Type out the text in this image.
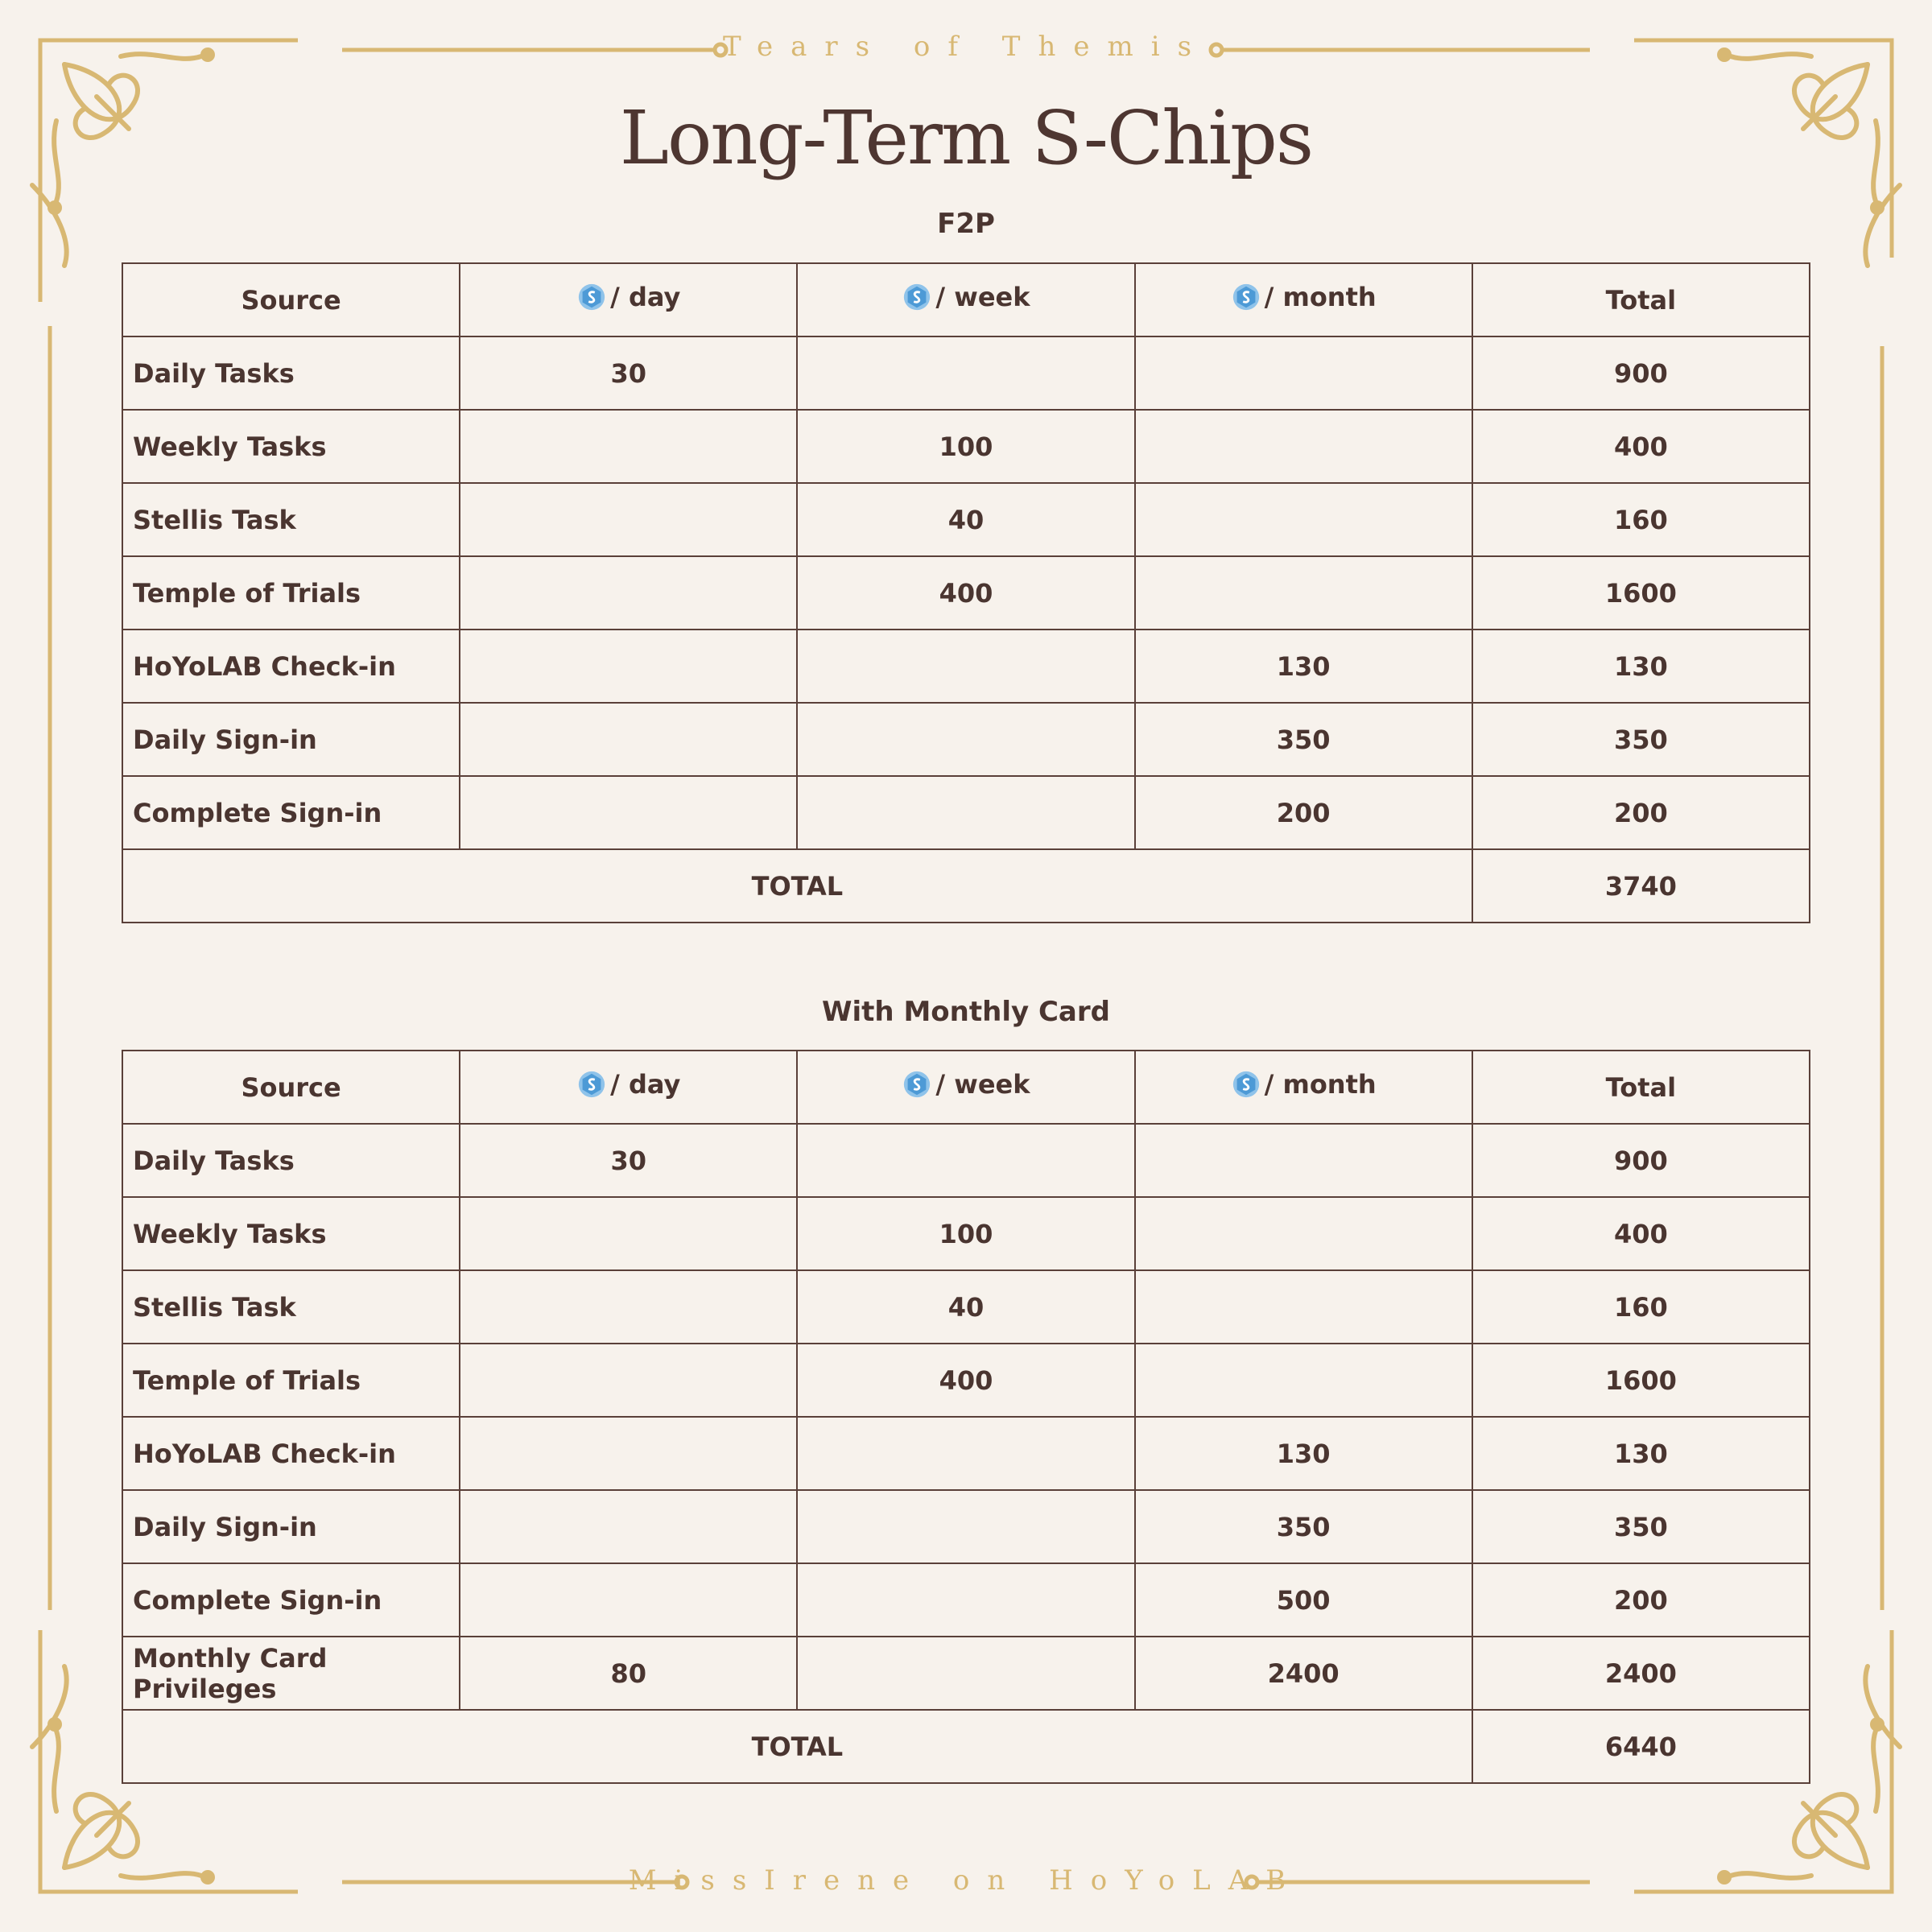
Tears of Themis
Long-Term S-Chips
F2P
Source	/ day	/ week	/ month	Total
Daily Tasks	30			900
Weekly Tasks		100		400
Stellis Task		40		160
Temple of Trials		400		1600
HoYoLAB Check-in			130	130
Daily Sign-in			350	350
Complete Sign-in			200	200
TOTAL				3740
With Monthly Card
Source	/ day	/ week	/ month	Total
Daily Tasks	30			900
Weekly Tasks		100		400
Stellis Task		40		160
Temple of Trials		400		1600
HoYoLAB Check-in			130	130
Daily Sign-in			350	350
Complete Sign-in			500	200
Monthly Card Privileges	80		2400	2400
TOTAL				6440
MissIrene on HoYoLAB
